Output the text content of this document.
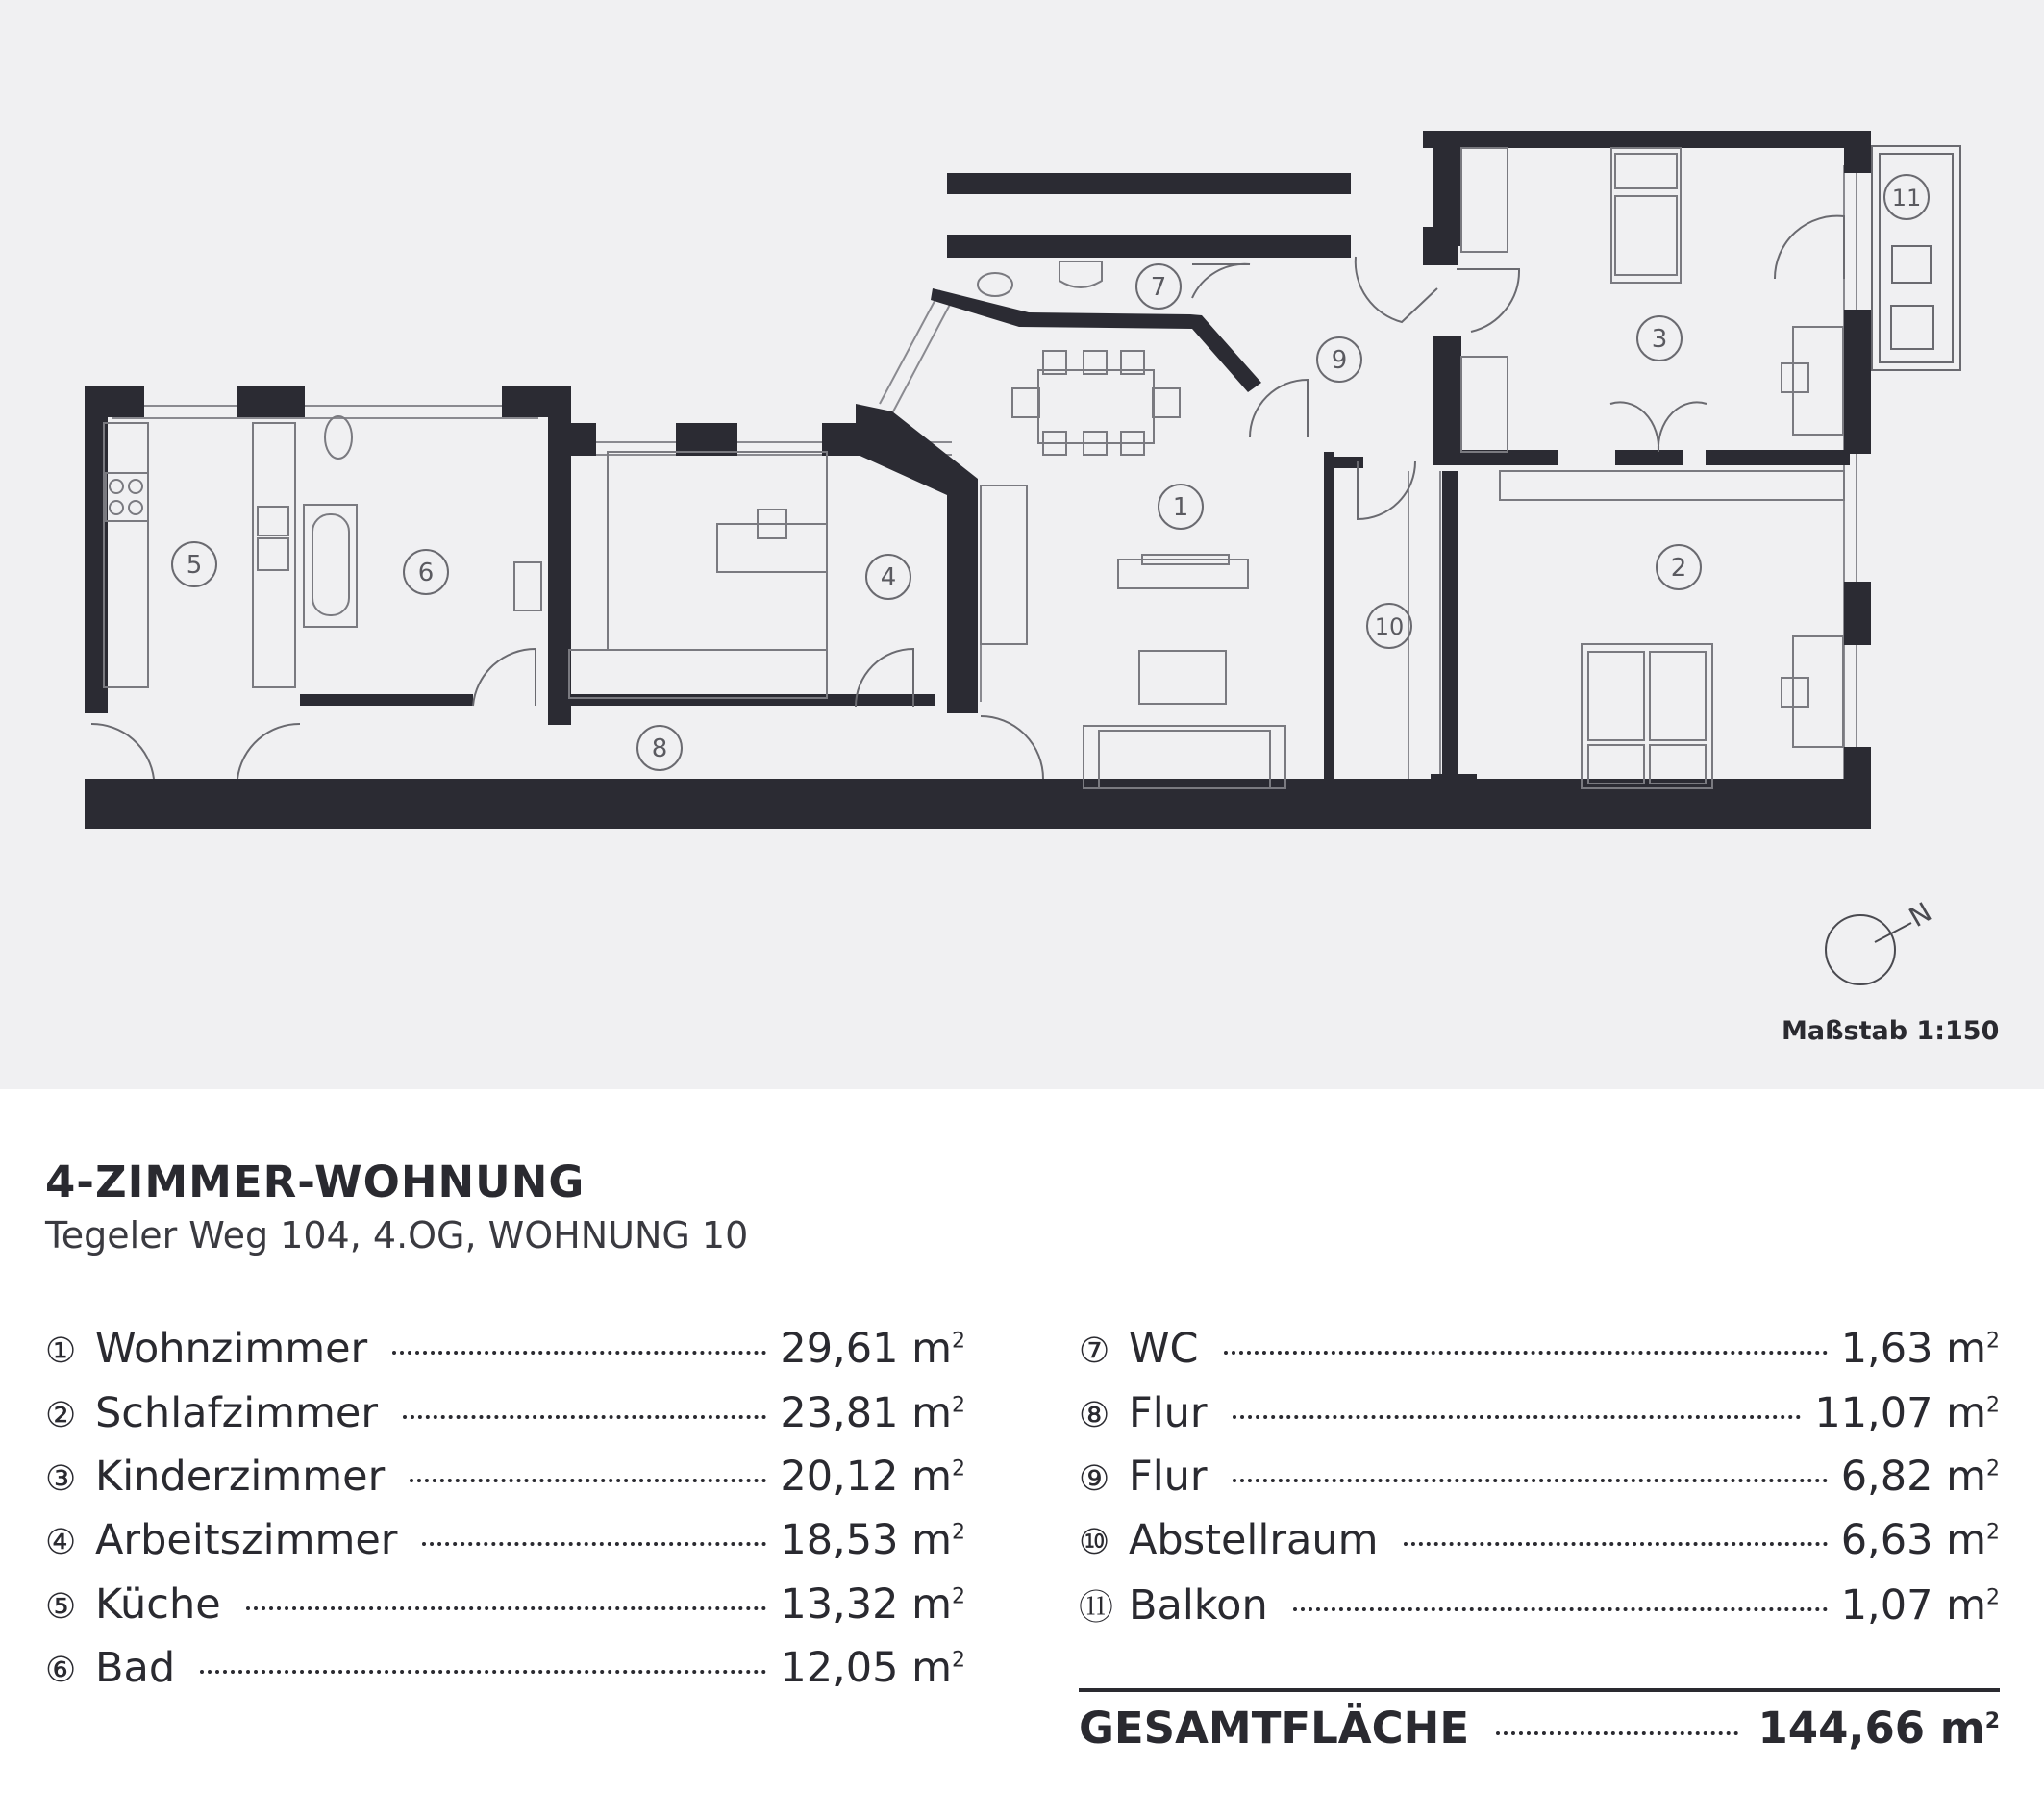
1
2
3
4
5	6
7
8
9
10
11
N
Maßstab 1:150
4-ZIMMER-WOHNUNG
Tegeler Weg 104, 4.OG, WOHNUNG 10
① Wohnzimmer	29,61 $m^2$
② Schlafzimmer	23,81 $m^2$
③ Kinderzimmer	20,12 $m^2$
④ Arbeitszimmer	18,53 $m^2$
⑤ Küche	13,32 $m^2$
⑥ Bad	12,05 $m^2$
⑦ WC	1,63 $m^2$
⑧ Flur	11,07 $m^2$
⑨ Flur	6,82 $m^2$
⑩ Abstellraum	6,63 $m^2$
⑪ Balkon	1,07 $m^2$
GESAMTFLÄCHE	144,66 $m^2$
